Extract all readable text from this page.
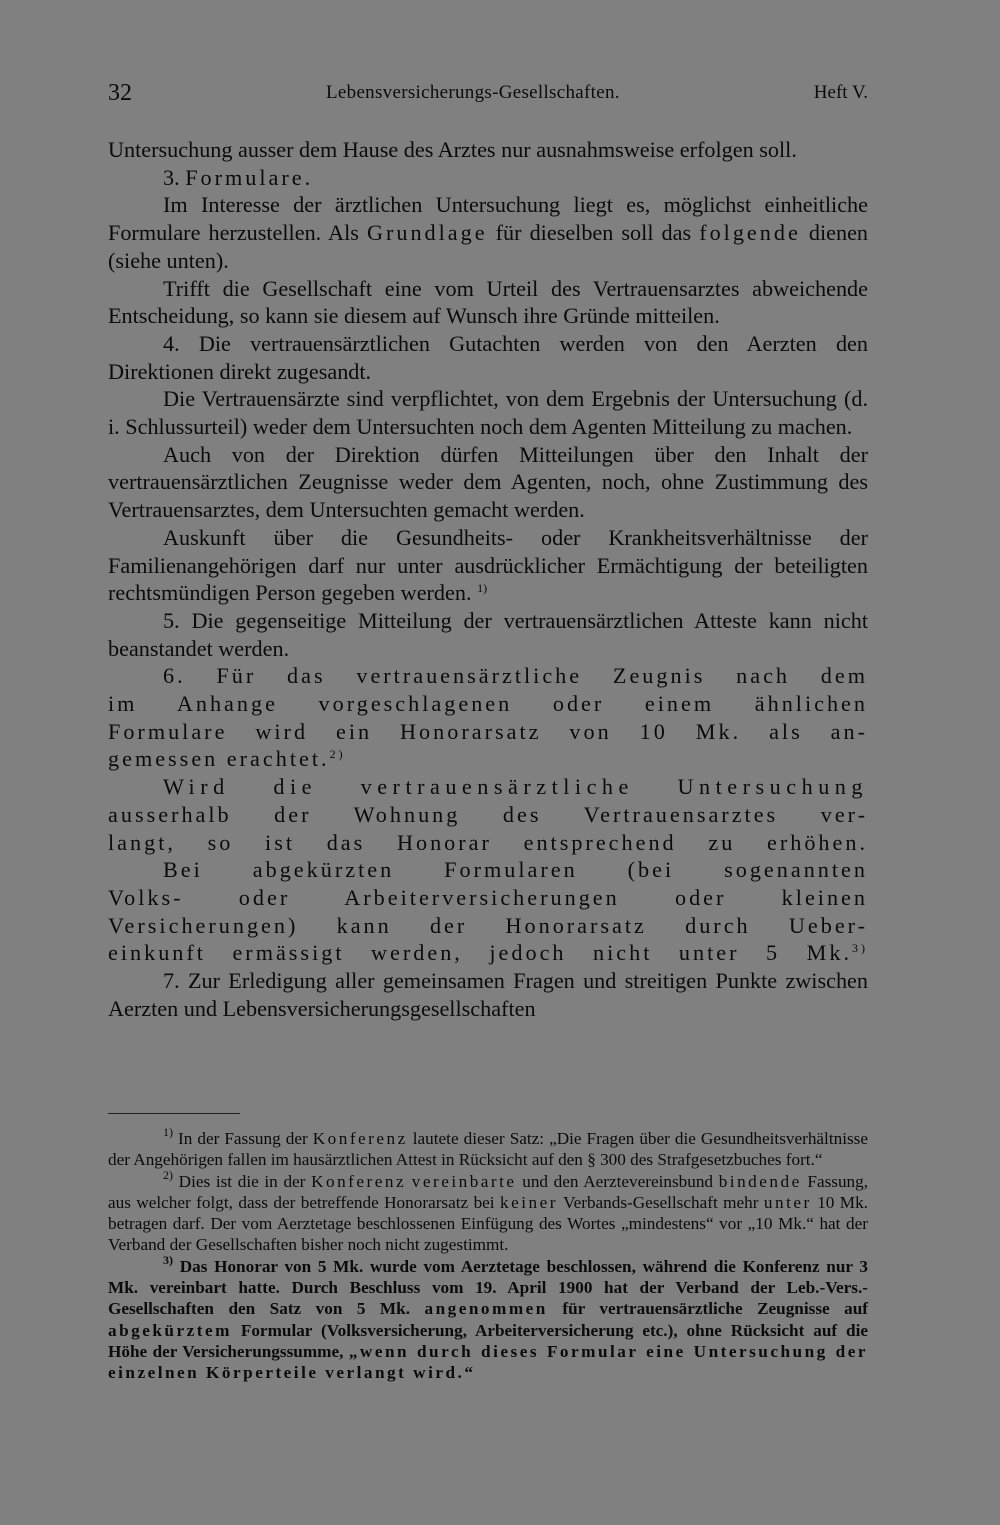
32	Lebensversicherungs-Gesellschaften.	Heft V.

Untersuchung ausser dem Hause des Arztes nur ausnahmsweise erfolgen soll.

3. Formulare.

Im Interesse der ärztlichen Untersuchung liegt es, möglichst einheitliche Formulare herzustellen. Als Grundlage für dieselben soll das folgende dienen (siehe unten).

Trifft die Gesellschaft eine vom Urteil des Vertrauensarztes abweichende Entscheidung, so kann sie diesem auf Wunsch ihre Gründe mitteilen.

4. Die vertrauensärztlichen Gutachten werden von den Aerzten den Direktionen direkt zugesandt.

Die Vertrauensärzte sind verpflichtet, von dem Ergebnis der Untersuchung (d. i. Schlussurteil) weder dem Untersuchten noch dem Agenten Mitteilung zu machen.

Auch von der Direktion dürfen Mitteilungen über den Inhalt der vertrauensärztlichen Zeugnisse weder dem Agenten, noch, ohne Zustimmung des Vertrauensarztes, dem Untersuchten gemacht werden.

Auskunft über die Gesundheits- oder Krankheitsverhältnisse der Familienangehörigen darf nur unter ausdrücklicher Ermächtigung der beteiligten rechtsmündigen Person gegeben werden. $^{1)}$

5. Die gegenseitige Mitteilung der vertrauensärztlichen Atteste kann nicht beanstandet werden.

6. Für das vertrauensärztliche Zeugnis nach dem
im Anhange vorgeschlagenen oder einem ähnlichen
Formulare wird ein Honorarsatz von 10 Mk. als an-
gemessen erachtet.$^{2)}$
Wird die vertrauensärztliche Untersuchung
ausserhalb der Wohnung des Vertrauensarztes ver-
langt, so ist das Honorar entsprechend zu erhöhen.
Bei abgekürzten Formularen (bei sogenannten
Volks- oder Arbeiterversicherungen oder kleinen
Versicherungen) kann der Honorarsatz durch Ueber-
einkunft ermässigt werden, jedoch nicht unter 5 Mk.$^{3)}$

7. Zur Erledigung aller gemeinsamen Fragen und streitigen Punkte zwischen Aerzten und Lebensversicherungsgesellschaften

$^{1)}$ In der Fassung der Konferenz lautete dieser Satz: „Die Fragen über die Gesundheitsverhältnisse der Angehörigen fallen im hausärztlichen Attest in Rücksicht auf den § 300 des Strafgesetzbuches fort.“

$^{2)}$ Dies ist die in der Konferenz vereinbarte und den Aerztevereinsbund bindende Fassung, aus welcher folgt, dass der betreffende Honorarsatz bei keiner Verbands-Gesellschaft mehr unter 10 Mk. betragen darf. Der vom Aerztetage beschlossenen Einfügung des Wortes „mindestens“ vor „10 Mk.“ hat der Verband der Gesellschaften bisher noch nicht zugestimmt.

$^{3)}$ Das Honorar von 5 Mk. wurde vom Aerztetage beschlossen, während die Konferenz nur 3 Mk. vereinbart hatte. Durch Beschluss vom 19. April 1900 hat der Verband der Leb.-Vers.-Gesellschaften den Satz von 5 Mk. angenommen für vertrauensärztliche Zeugnisse auf abgekürztem Formular (Volksversicherung, Arbeiterversicherung etc.), ohne Rücksicht auf die Höhe der Versicherungssumme, „wenn durch dieses Formular eine Untersuchung der einzelnen Körperteile verlangt wird.“
